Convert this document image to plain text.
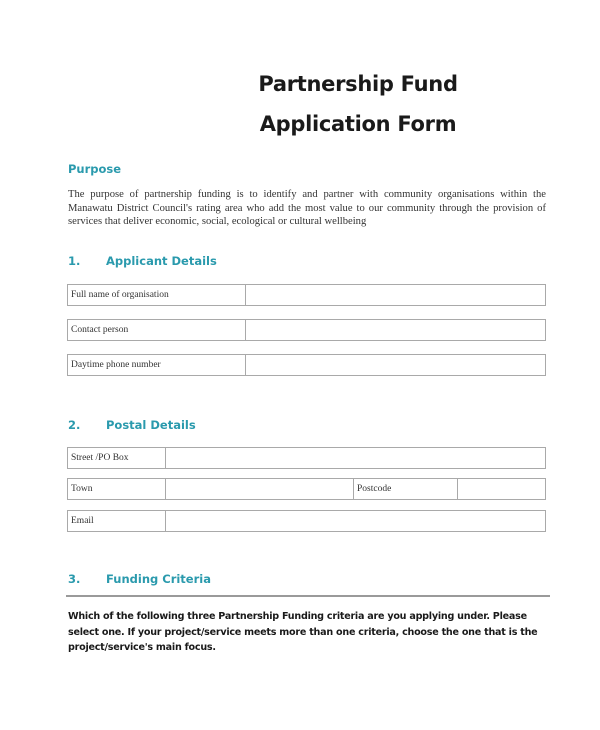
Partnership Fund
Application Form
Purpose
The purpose of partnership funding is to identify and partner with community organisations within the Manawatu District Council's rating area who add the most value to our community through the provision of services that deliver economic, social, ecological or cultural wellbeing
1. Applicant Details
Full name of organisation
Contact person
Daytime phone number
2. Postal Details
Street /PO Box
Town	Postcode
Email
3. Funding Criteria
Which of the following three Partnership Funding criteria are you applying under. Please select one. If your project/service meets more than one criteria, choose the one that is the project/service's main focus.
